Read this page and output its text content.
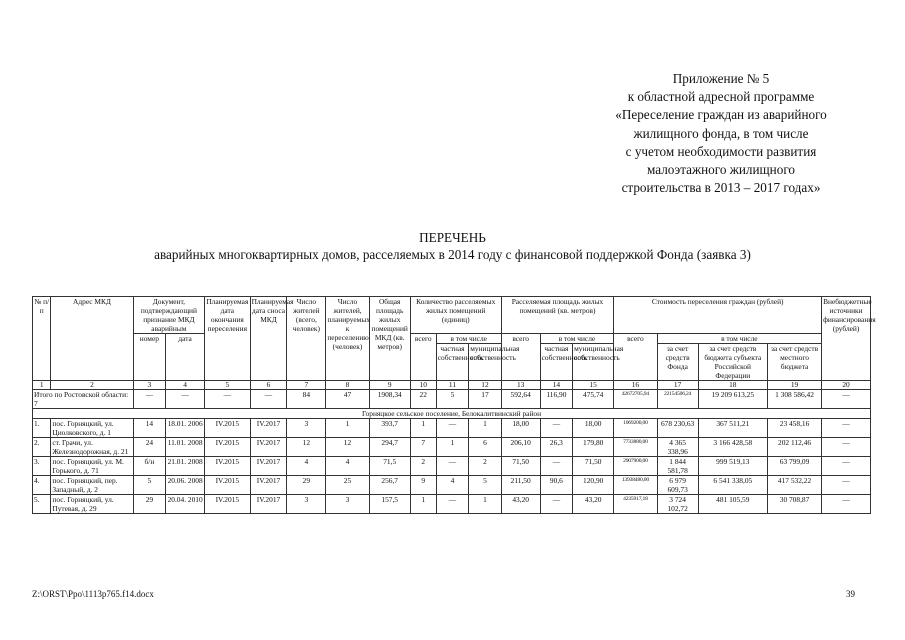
Приложение № 5
к областной адресной программе
«Переселение граждан из аварийного
жилищного фонда, в том числе
с учетом необходимости развития
малоэтажного жилищного
строительства в 2013 – 2017 годах»
ПЕРЕЧЕНЬ
аварийных многоквартирных домов, расселяемых в 2014 году с финансовой поддержкой Фонда (заявка 3)
№ п/п	Адрес МКД	Документ, подтверждающий признание МКД аварийным		Планируемая дата окончания переселения	Планируемая дата сноса МКД	Число жителей (всего, человек)	Число жителей, планируемых к переселению (человек)	Общая площадь жилых помещений МКД (кв. метров)	Количество расселяемых жилых помещений (единиц)			Расселяемая площадь жилых помещений (кв. метров)			Стоимость переселения граждан (рублей)				Внебюджетные источники финансирования (рублей)
		номер	дата						всего	в том числе		всего	в том числе		всего	в том числе			
										частная собственность	муниципальная собственность		частная собственность	муниципальная собственность		за счет средств Фонда	за счет средств бюджета субъекта Российской Федерации	за счет средств местного бюджета	
1	2	3	4	5	6	7	8	9	10	11	12	13	14	15	16	17	18	19	20
Итого по Ростовской области: 7		—	—	—	—	84	47	1908,34	22	5	17	592,64	116,90	475,74	42672705,94	22154506,24	19 209 613,25	1 308 586,42	—
Горняцкое сельское поселение, Белокалитвинский район																			
1.	пос. Горняцкий, ул. Циолковского, д. 1	14	18.01. 2006	IV.2015	IV.2017	3	1	393,7	1	—	1	18,00	—	18,00	1069200,00	678 230,63	367 511,21	23 458,16	—
2.	ст. Грачи, ул. Железнодорожная, д. 21	24	11.01. 2008	IV.2015	IV.2017	12	12	294,7	7	1	6	206,10	26,3	179,80	7733880,00	4 365 338,96	3 166 428,58	202 112,46	—
3.	пос. Горняцкий, ул. М. Горького, д. 71	б/н	21.01. 2008	IV.2015	IV.2017	4	4	71,5	2	—	2	71,50	—	71,50	2907900,00	1 844 581,78	999 519,13	63 799,09	—
4.	пос. Горняцкий, пер. Западный, д. 2	5	20.06. 2008	IV.2015	IV.2017	29	25	256,7	9	4	5	211,50	90,6	120,90	13938480,00	6 979 609,73	6 541 338,05	417 532,22	—
5.	пос. Горняцкий, ул. Путевая, д. 29	29	20.04. 2010	IV.2015	IV.2017	3	3	157,5	1	—	1	43,20	—	43,20	4235917,18	3 724 102,72	481 105,59	30 708,87	—
Z:\ORST\Ppo\1113p765.f14.docx	39
